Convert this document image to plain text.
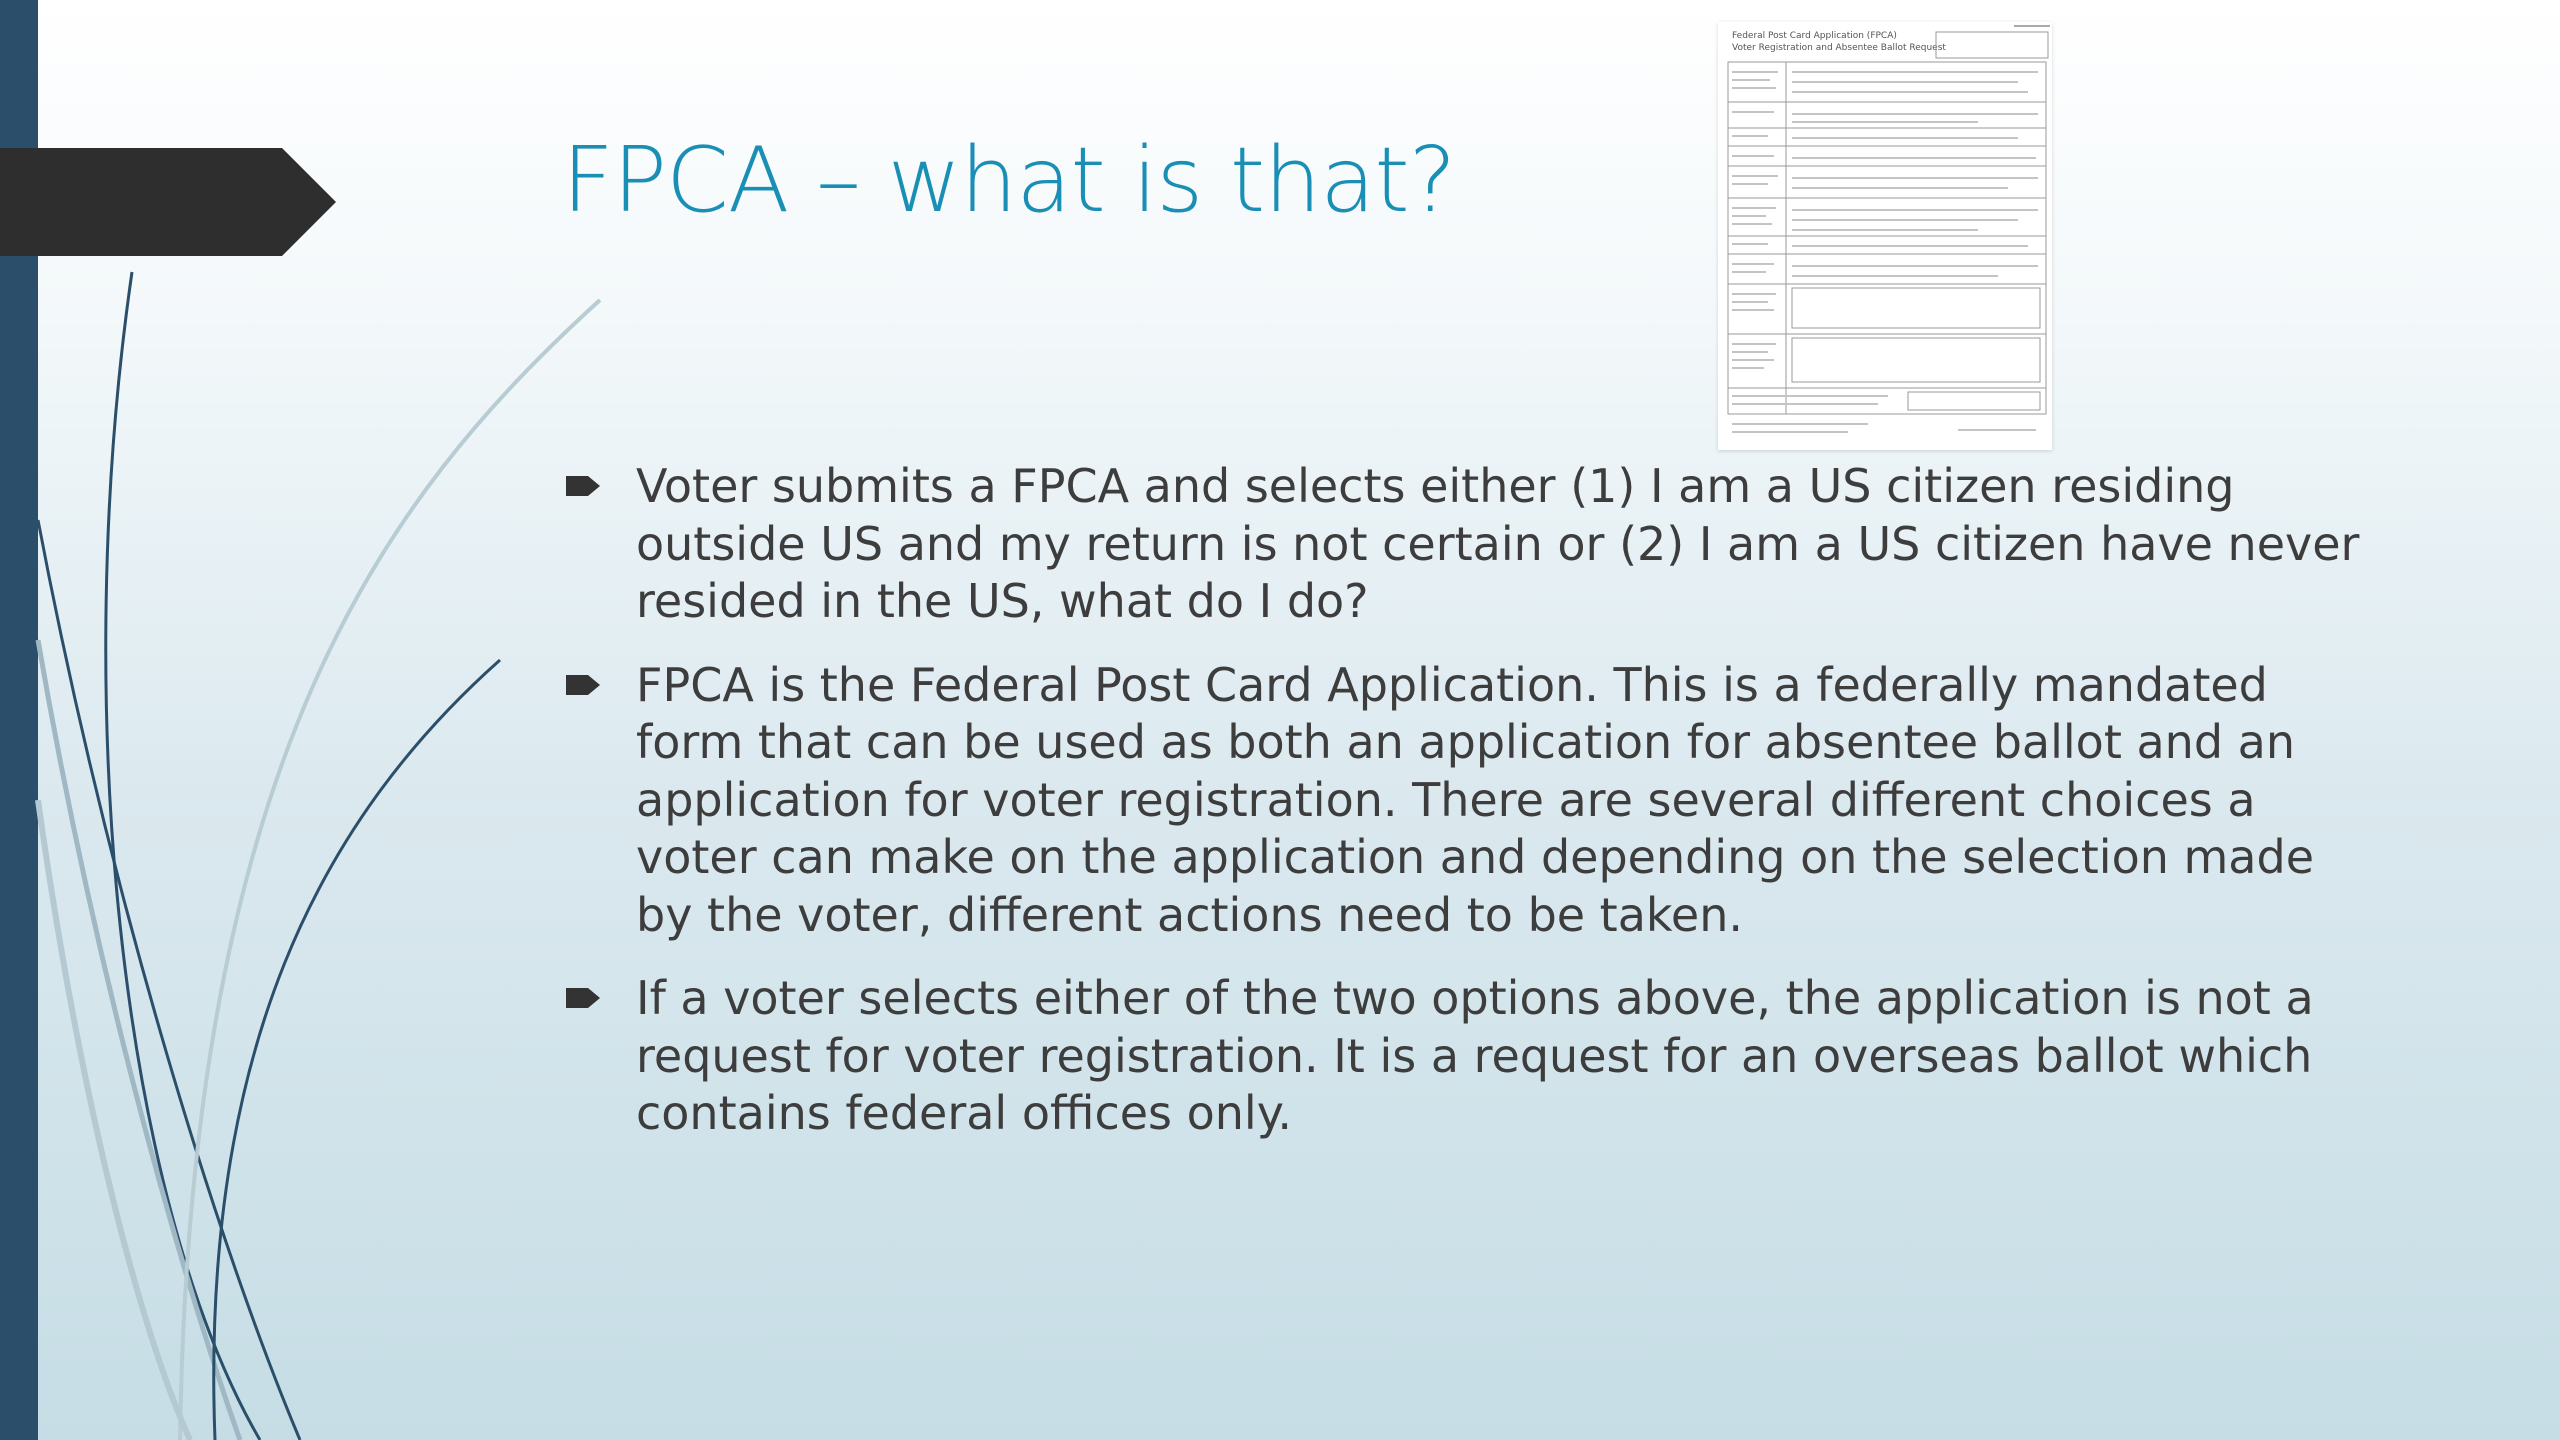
FPCA – what is that?
Federal Post Card Application (FPCA)
Voter Registration and Absentee Ballot Request
Voter submits a FPCA and selects either (1) I am a US citizen residing outside US and my return is not certain or (2) I am a US citizen have never resided in the US, what do I do?
FPCA is the Federal Post Card Application. This is a federally mandated form that can be used as both an application for absentee ballot and an application for voter registration. There are several different choices a voter can make on the application and depending on the selection made by the voter, different actions need to be taken.
If a voter selects either of the two options above, the application is not a request for voter registration. It is a request for an overseas ballot which contains federal offices only.
